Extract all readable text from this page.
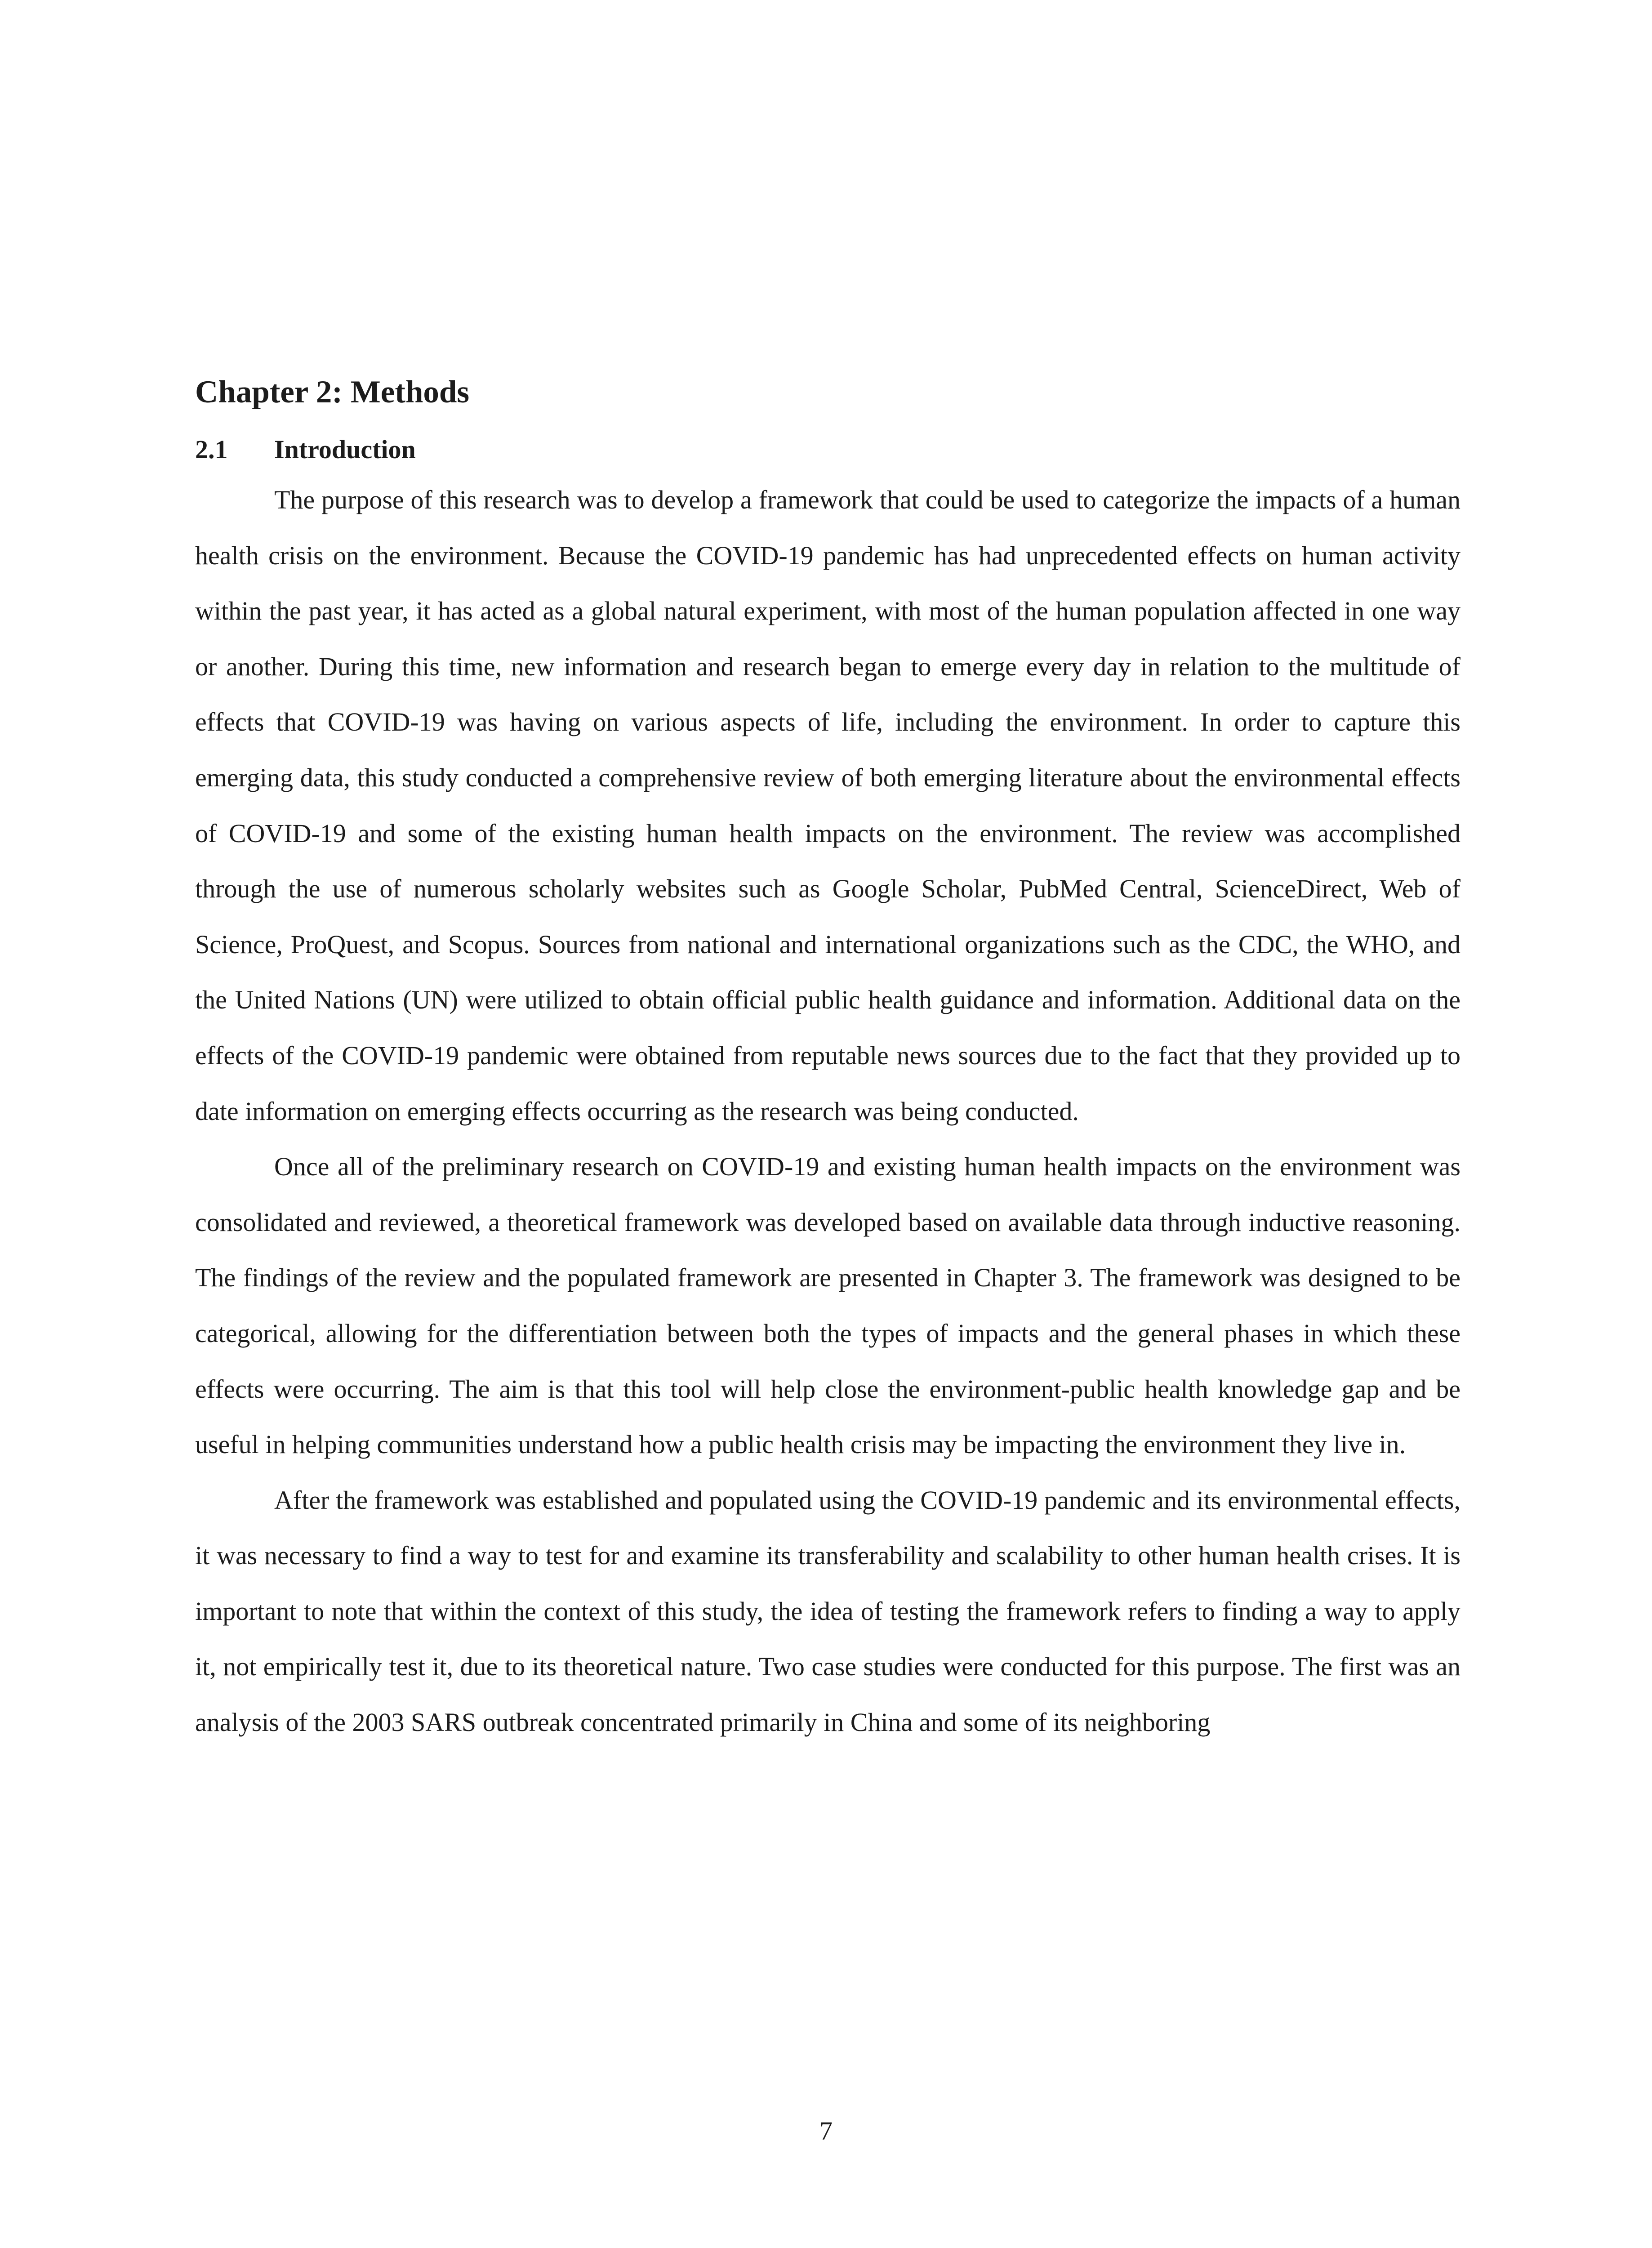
Chapter 2: Methods
2.1	Introduction

The purpose of this research was to develop a framework that could be used to categorize the impacts of a human health crisis on the environment. Because the COVID-19 pandemic has had unprecedented effects on human activity within the past year, it has acted as a global natural experiment, with most of the human population affected in one way or another. During this time, new information and research began to emerge every day in relation to the multitude of effects that COVID-19 was having on various aspects of life, including the environment. In order to capture this emerging data, this study conducted a comprehensive review of both emerging literature about the environmental effects of COVID-19 and some of the existing human health impacts on the environment. The review was accomplished through the use of numerous scholarly websites such as Google Scholar, PubMed Central, ScienceDirect, Web of Science, ProQuest, and Scopus. Sources from national and international organizations such as the CDC, the WHO, and the United Nations (UN) were utilized to obtain official public health guidance and information. Additional data on the effects of the COVID-19 pandemic were obtained from reputable news sources due to the fact that they provided up to date information on emerging effects occurring as the research was being conducted.

Once all of the preliminary research on COVID-19 and existing human health impacts on the environment was consolidated and reviewed, a theoretical framework was developed based on available data through inductive reasoning. The findings of the review and the populated framework are presented in Chapter 3. The framework was designed to be categorical, allowing for the differentiation between both the types of impacts and the general phases in which these effects were occurring. The aim is that this tool will help close the environment-public health knowledge gap and be useful in helping communities understand how a public health crisis may be impacting the environment they live in.

After the framework was established and populated using the COVID-19 pandemic and its environmental effects, it was necessary to find a way to test for and examine its transferability and scalability to other human health crises. It is important to note that within the context of this study, the idea of testing the framework refers to finding a way to apply it, not empirically test it, due to its theoretical nature. Two case studies were conducted for this purpose. The first was an analysis of the 2003 SARS outbreak concentrated primarily in China and some of its neighboring

7
